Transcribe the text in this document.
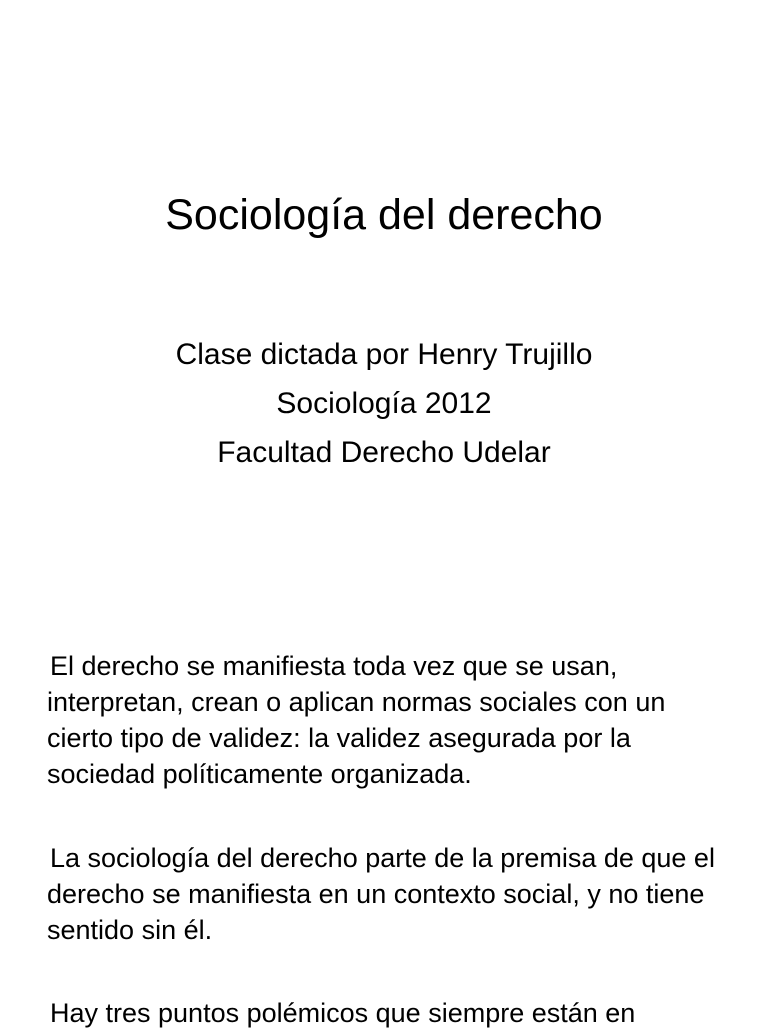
Sociología del derecho
Clase dictada por Henry Trujillo
Sociología 2012
Facultad Derecho Udelar

El derecho se manifiesta toda vez que se usan, interpretan, crean o aplican normas sociales con un cierto tipo de validez: la validez asegurada por la sociedad políticamente organizada.

La sociología del derecho parte de la premisa de que el derecho se manifiesta en un contexto social, y no tiene sentido sin él.

Hay tres puntos polémicos que siempre están en
